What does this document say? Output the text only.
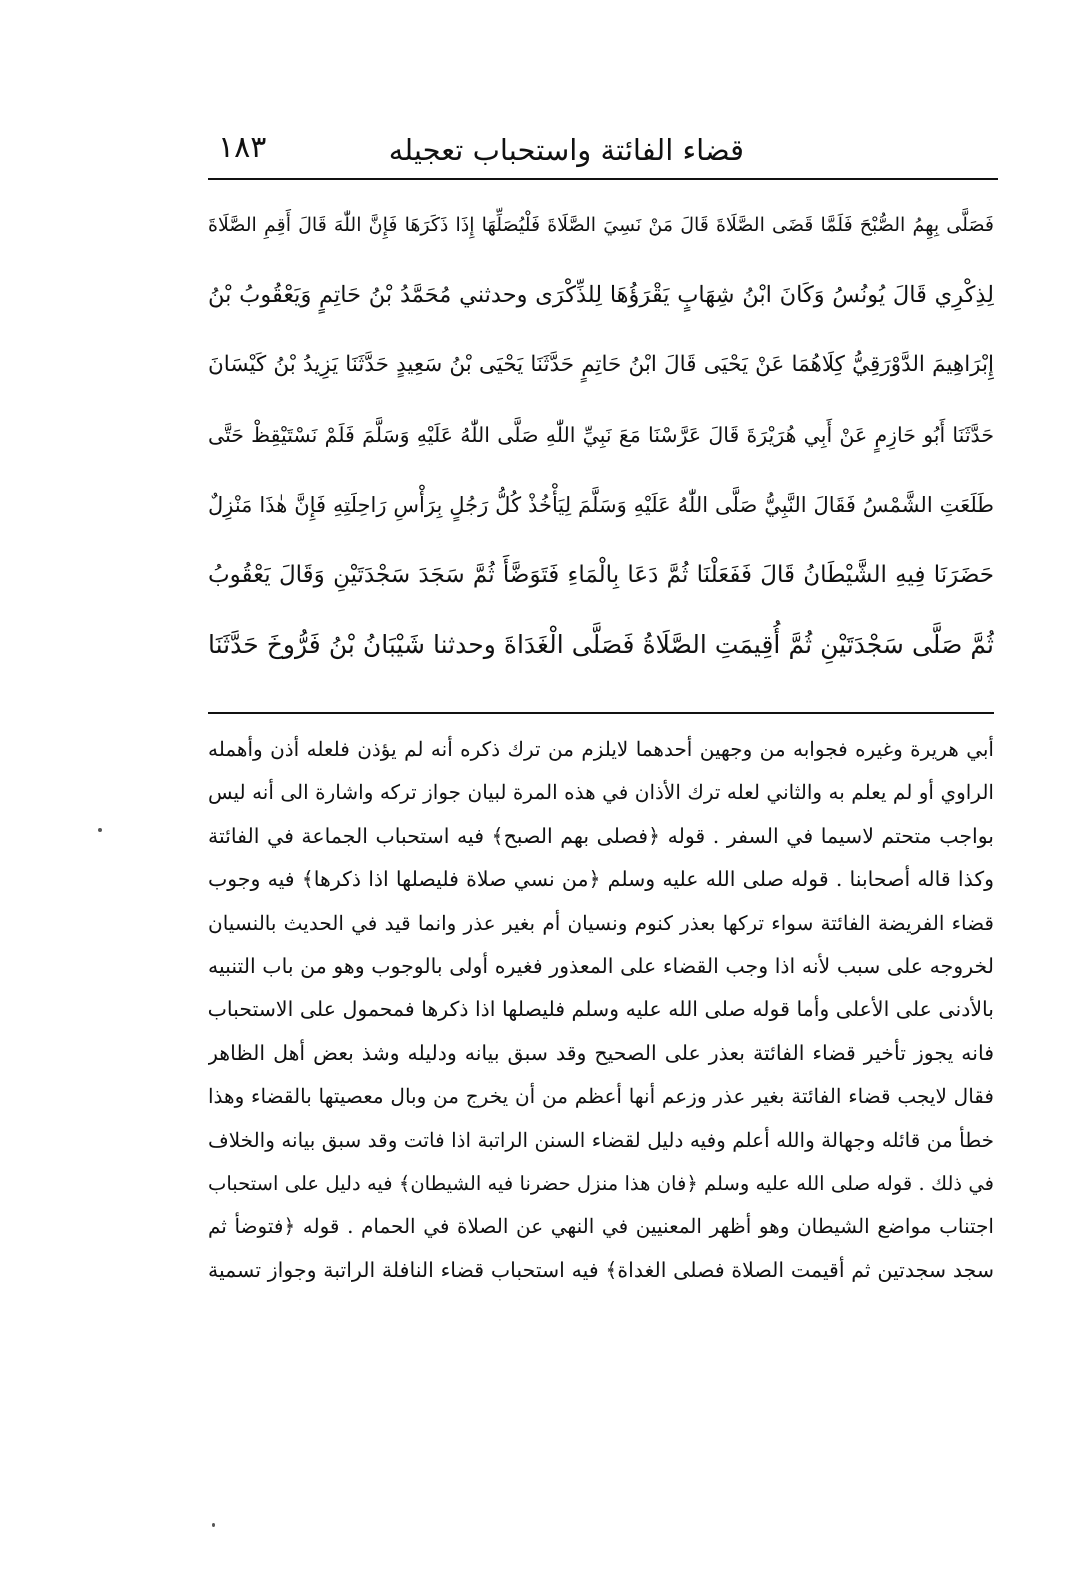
قضاء الفائتة واستحباب تعجيله
١٨٣
فَصَلَّى بِهِمُ الصُّبْحَ فَلَمَّا قَضَى الصَّلَاةَ قَالَ مَنْ نَسِيَ الصَّلَاةَ فَلْيُصَلِّهَا إِذَا ذَكَرَهَا فَإِنَّ اللّٰهَ قَالَ أَقِمِ الصَّلَاةَ
لِذِكْرِي قَالَ يُونُسُ وَكَانَ ابْنُ شِهَابٍ يَقْرَؤُهَا لِلذِّكْرَى وحدثني مُحَمَّدُ بْنُ حَاتِمٍ وَيَعْقُوبُ بْنُ
إِبْرَاهِيمَ الدَّوْرَقِيُّ كِلَاهُمَا عَنْ يَحْيَى قَالَ ابْنُ حَاتِمٍ حَدَّثَنَا يَحْيَى بْنُ سَعِيدٍ حَدَّثَنَا يَزِيدُ بْنُ كَيْسَانَ
حَدَّثَنَا أَبُو حَازِمٍ عَنْ أَبِي هُرَيْرَةَ قَالَ عَرَّسْنَا مَعَ نَبِيِّ اللّٰهِ صَلَّى اللّٰهُ عَلَيْهِ وَسَلَّمَ فَلَمْ نَسْتَيْقِظْ حَتَّى
طَلَعَتِ الشَّمْسُ فَقَالَ النَّبِيُّ صَلَّى اللّٰهُ عَلَيْهِ وَسَلَّمَ لِيَأْخُذْ كُلُّ رَجُلٍ بِرَأْسِ رَاحِلَتِهِ فَإِنَّ هٰذَا مَنْزِلٌ
حَضَرَنَا فِيهِ الشَّيْطَانُ قَالَ فَفَعَلْنَا ثُمَّ دَعَا بِالْمَاءِ فَتَوَضَّأَ ثُمَّ سَجَدَ سَجْدَتَيْنِ وَقَالَ يَعْقُوبُ
ثُمَّ صَلَّى سَجْدَتَيْنِ ثُمَّ أُقِيمَتِ الصَّلَاةُ فَصَلَّى الْغَدَاةَ وحدثنا شَيْبَانُ بْنُ فَرُّوخَ حَدَّثَنَا
أبي هريرة وغيره فجوابه من وجهين أحدهما لايلزم من ترك ذكره أنه لم يؤذن فلعله أذن وأهمله
الراوي أو لم يعلم به والثاني لعله ترك الأذان في هذه المرة لبيان جواز تركه واشارة الى أنه ليس
بواجب متحتم لاسيما في السفر . قوله ﴿فصلى بهم الصبح﴾ فيه استحباب الجماعة في الفائتة
وكذا قاله أصحابنا . قوله صلى الله عليه وسلم ﴿من نسي صلاة فليصلها اذا ذكرها﴾ فيه وجوب
قضاء الفريضة الفائتة سواء تركها بعذر كنوم ونسيان أم بغير عذر وانما قيد في الحديث بالنسيان
لخروجه على سبب لأنه اذا وجب القضاء على المعذور فغيره أولى بالوجوب وهو من باب التنبيه
بالأدنى على الأعلى وأما قوله صلى الله عليه وسلم فليصلها اذا ذكرها فمحمول على الاستحباب
فانه يجوز تأخير قضاء الفائتة بعذر على الصحيح وقد سبق بيانه ودليله وشذ بعض أهل الظاهر
فقال لايجب قضاء الفائتة بغير عذر وزعم أنها أعظم من أن يخرج من وبال معصيتها بالقضاء وهذا
خطأ من قائله وجهالة والله أعلم وفيه دليل لقضاء السنن الراتبة اذا فاتت وقد سبق بيانه والخلاف
في ذلك . قوله صلى الله عليه وسلم ﴿فان هذا منزل حضرنا فيه الشيطان﴾ فيه دليل على استحباب
اجتناب مواضع الشيطان وهو أظهر المعنيين في النهي عن الصلاة في الحمام . قوله ﴿فتوضأ ثم
سجد سجدتين ثم أقيمت الصلاة فصلى الغداة﴾ فيه استحباب قضاء النافلة الراتبة وجواز تسمية
